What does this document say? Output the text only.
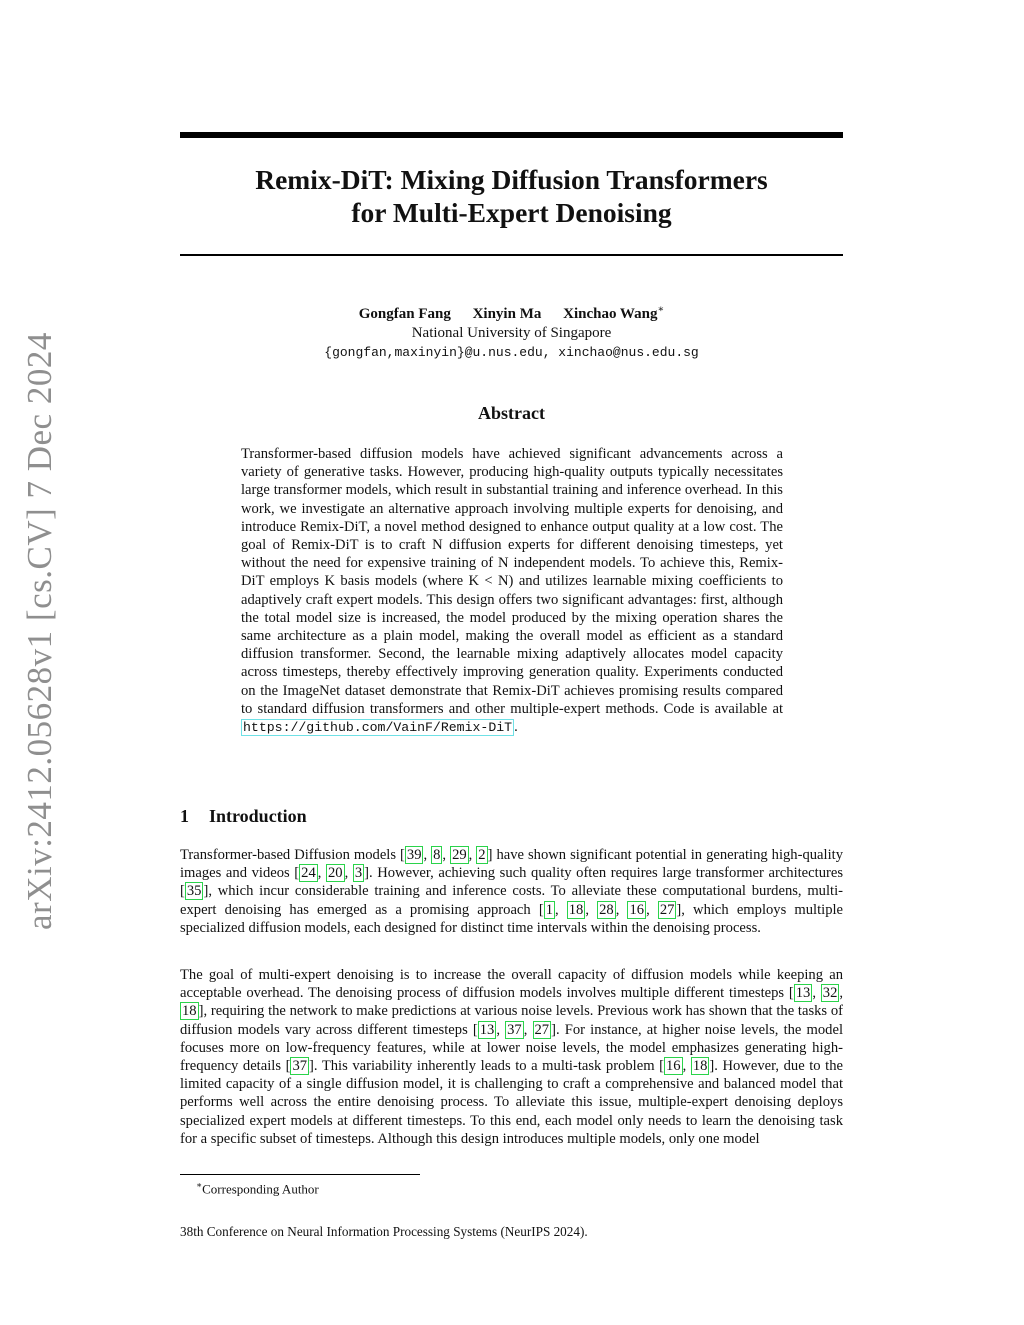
Remix-DiT: Mixing Diffusion Transformers
for Multi-Expert Denoising
arXiv:2412.05628v1 [cs.CV] 7 Dec 2024
Gongfan Fang Xinyin Ma Xinchao Wang∗
National University of Singapore
{gongfan,maxinyin}@u.nus.edu, xinchao@nus.edu.sg
Abstract

Transformer-based diffusion models have achieved significant advancements across a variety of generative tasks. However, producing high-quality outputs typically necessitates large transformer models, which result in substantial training and inference overhead. In this work, we investigate an alternative approach involving multiple experts for denoising, and introduce Remix-DiT, a novel method designed to enhance output quality at a low cost. The goal of Remix-DiT is to craft N diffusion experts for different denoising timesteps, yet without the need for expensive training of N independent models. To achieve this, Remix-DiT employs K basis models (where K < N) and utilizes learnable mixing coefficients to adaptively craft expert models. This design offers two significant advantages: first, although the total model size is increased, the model produced by the mixing operation shares the same architecture as a plain model, making the overall model as efficient as a standard diffusion transformer. Second, the learnable mixing adaptively allocates model capacity across timesteps, thereby effectively improving generation quality. Experiments conducted on the ImageNet dataset demonstrate that Remix-DiT achieves promising results compared to standard diffusion transformers and other multiple-expert methods. Code is available at https://github.com/VainF/Remix-DiT .

1 Introduction

Transformer-based Diffusion models [ 39 , 8 , 29 , 2 ] have shown significant potential in generating high-quality images and videos [ 24 , 20 , 3 ]. However, achieving such quality often requires large transformer architectures [ 35 ], which incur considerable training and inference costs. To alleviate these computational burdens, multi-expert denoising has emerged as a promising approach [ 1 , 18 , 28 , 16 , 27 ], which employs multiple specialized diffusion models, each designed for distinct time intervals within the denoising process.

The goal of multi-expert denoising is to increase the overall capacity of diffusion models while keeping an acceptable overhead. The denoising process of diffusion models involves multiple different timesteps [ 13 , 32 , 18 ], requiring the network to make predictions at various noise levels. Previous work has shown that the tasks of diffusion models vary across different timesteps [ 13 , 37 , 27 ]. For instance, at higher noise levels, the model focuses more on low-frequency features, while at lower noise levels, the model emphasizes generating high-frequency details [ 37 ]. This variability inherently leads to a multi-task problem [ 16 , 18 ]. However, due to the limited capacity of a single diffusion model, it is challenging to craft a comprehensive and balanced model that performs well across the entire denoising process. To alleviate this issue, multiple-expert denoising deploys specialized expert models at different timesteps. To this end, each model only needs to learn the denoising task for a specific subset of timesteps. Although this design introduces multiple models, only one model

∗Corresponding Author
38th Conference on Neural Information Processing Systems (NeurIPS 2024).
